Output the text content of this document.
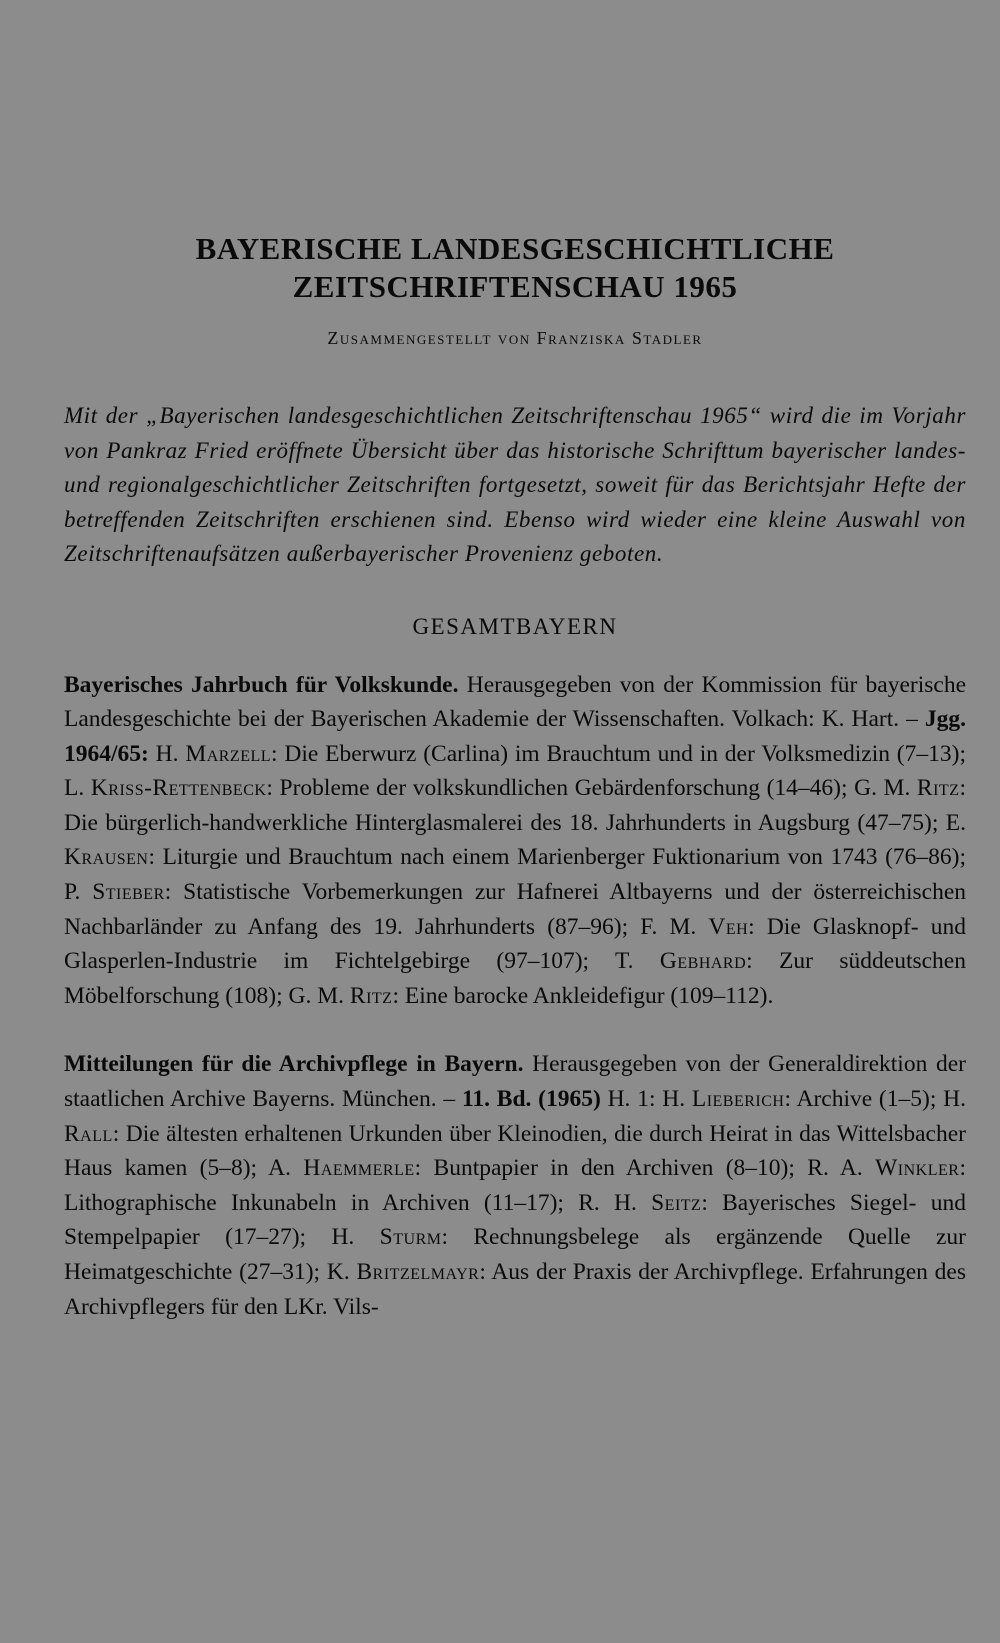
BAYERISCHE LANDESGESCHICHTLICHE
ZEITSCHRIFTENSCHAU 1965
Zusammengestellt von Franziska Stadler

Mit der „Bayerischen landesgeschichtlichen Zeitschriftenschau 1965“ wird die im Vorjahr von Pankraz Fried eröffnete Übersicht über das historische Schrifttum bayerischer landes- und regionalgeschichtlicher Zeitschriften fortgesetzt, soweit für das Berichtsjahr Hefte der betreffenden Zeitschriften erschienen sind. Ebenso wird wieder eine kleine Auswahl von Zeitschriftenaufsätzen außerbayerischer Provenienz geboten.

GESAMTBAYERN

Bayerisches Jahrbuch für Volkskunde. Herausgegeben von der Kommission für bayerische Landesgeschichte bei der Bayerischen Akademie der Wissenschaften. Volkach: K. Hart. – Jgg. 1964/65: H. Marzell: Die Eberwurz (Carlina) im Brauchtum und in der Volksmedizin (7–13); L. Kriss-Rettenbeck: Probleme der volkskundlichen Gebärdenforschung (14–46); G. M. Ritz: Die bürgerlich-handwerkliche Hinterglasmalerei des 18. Jahrhunderts in Augsburg (47–75); E. Krausen: Liturgie und Brauchtum nach einem Marienberger Fuktionarium von 1743 (76–86); P. Stieber: Statistische Vorbemerkungen zur Hafnerei Altbayerns und der österreichischen Nachbarländer zu Anfang des 19. Jahrhunderts (87–96); F. M. Veh: Die Glasknopf- und Glasperlen-Industrie im Fichtelgebirge (97–107); T. Gebhard: Zur süddeutschen Möbelforschung (108); G. M. Ritz: Eine barocke Ankleidefigur (109–112).

Mitteilungen für die Archivpflege in Bayern. Herausgegeben von der Generaldirektion der staatlichen Archive Bayerns. München. – 11. Bd. (1965) H. 1: H. Lieberich: Archive (1–5); H. Rall: Die ältesten erhaltenen Urkunden über Kleinodien, die durch Heirat in das Wittelsbacher Haus kamen (5–8); A. Haemmerle: Buntpapier in den Archiven (8–10); R. A. Winkler: Lithographische Inkunabeln in Archiven (11–17); R. H. Seitz: Bayerisches Siegel- und Stempelpapier (17–27); H. Sturm: Rechnungsbelege als ergänzende Quelle zur Heimatgeschichte (27–31); K. Britzelmayr: Aus der Praxis der Archivpflege. Erfahrungen des Archivpflegers für den LKr. Vils-
